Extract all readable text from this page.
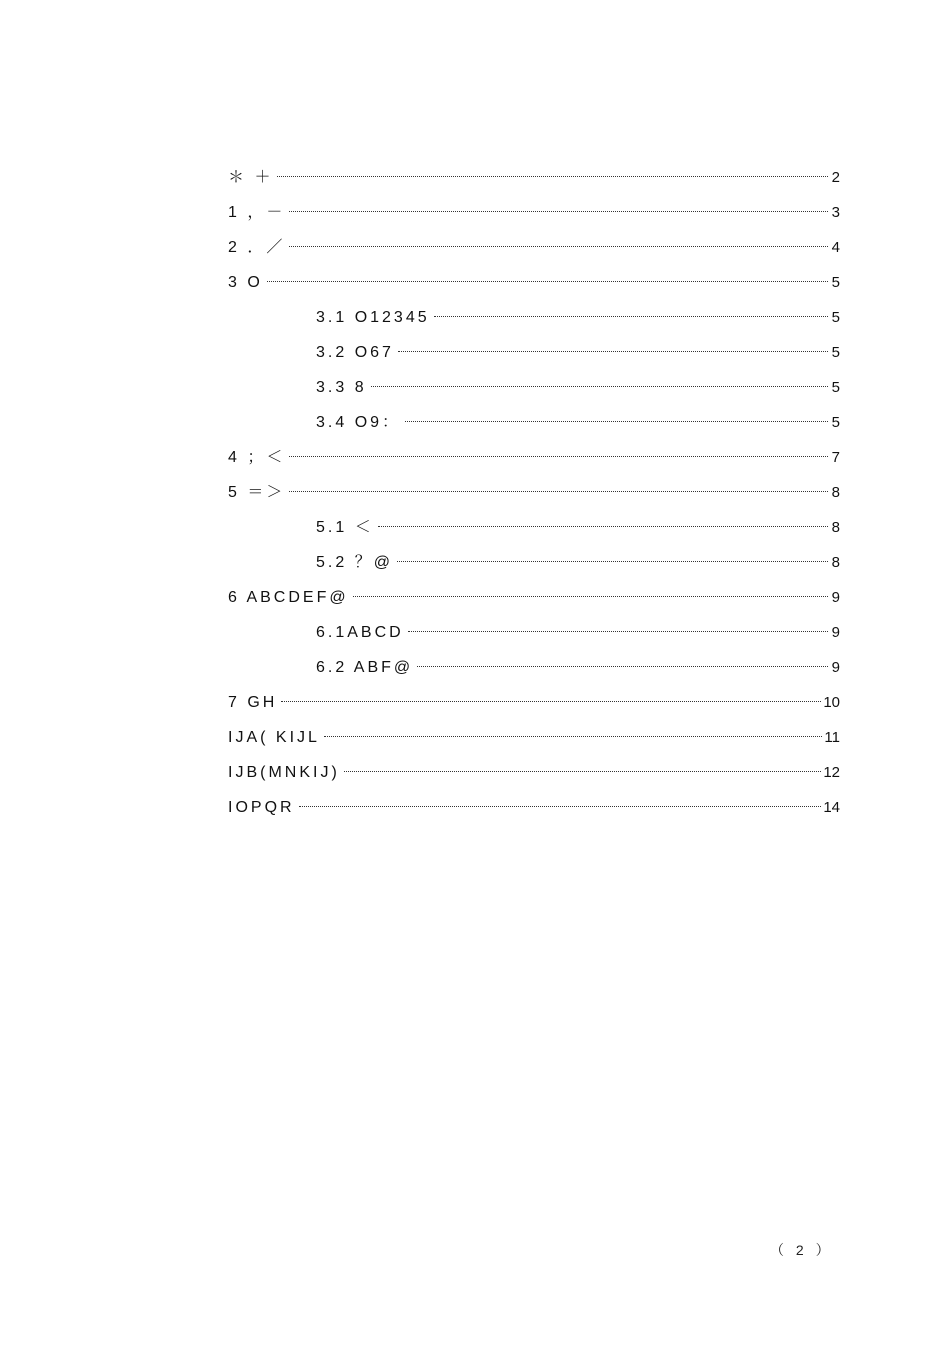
＊ ＋	2
1 ，－	3
2 ．／	4
3 O	5
3.1 O12345	5
3.2 O67	5
3.3 8	5
3.4 O9：	5
4 ；＜	7
5 ＝＞	8
5.1 ＜	8
5.2 ？@	8
6 ABCDEF@	9
6.1ABCD	9
6.2 ABF@	9
7 GH	10
IJA( KIJL	11
IJB(MNKIJ)	12
IOPQR	14
（ 2 ）
